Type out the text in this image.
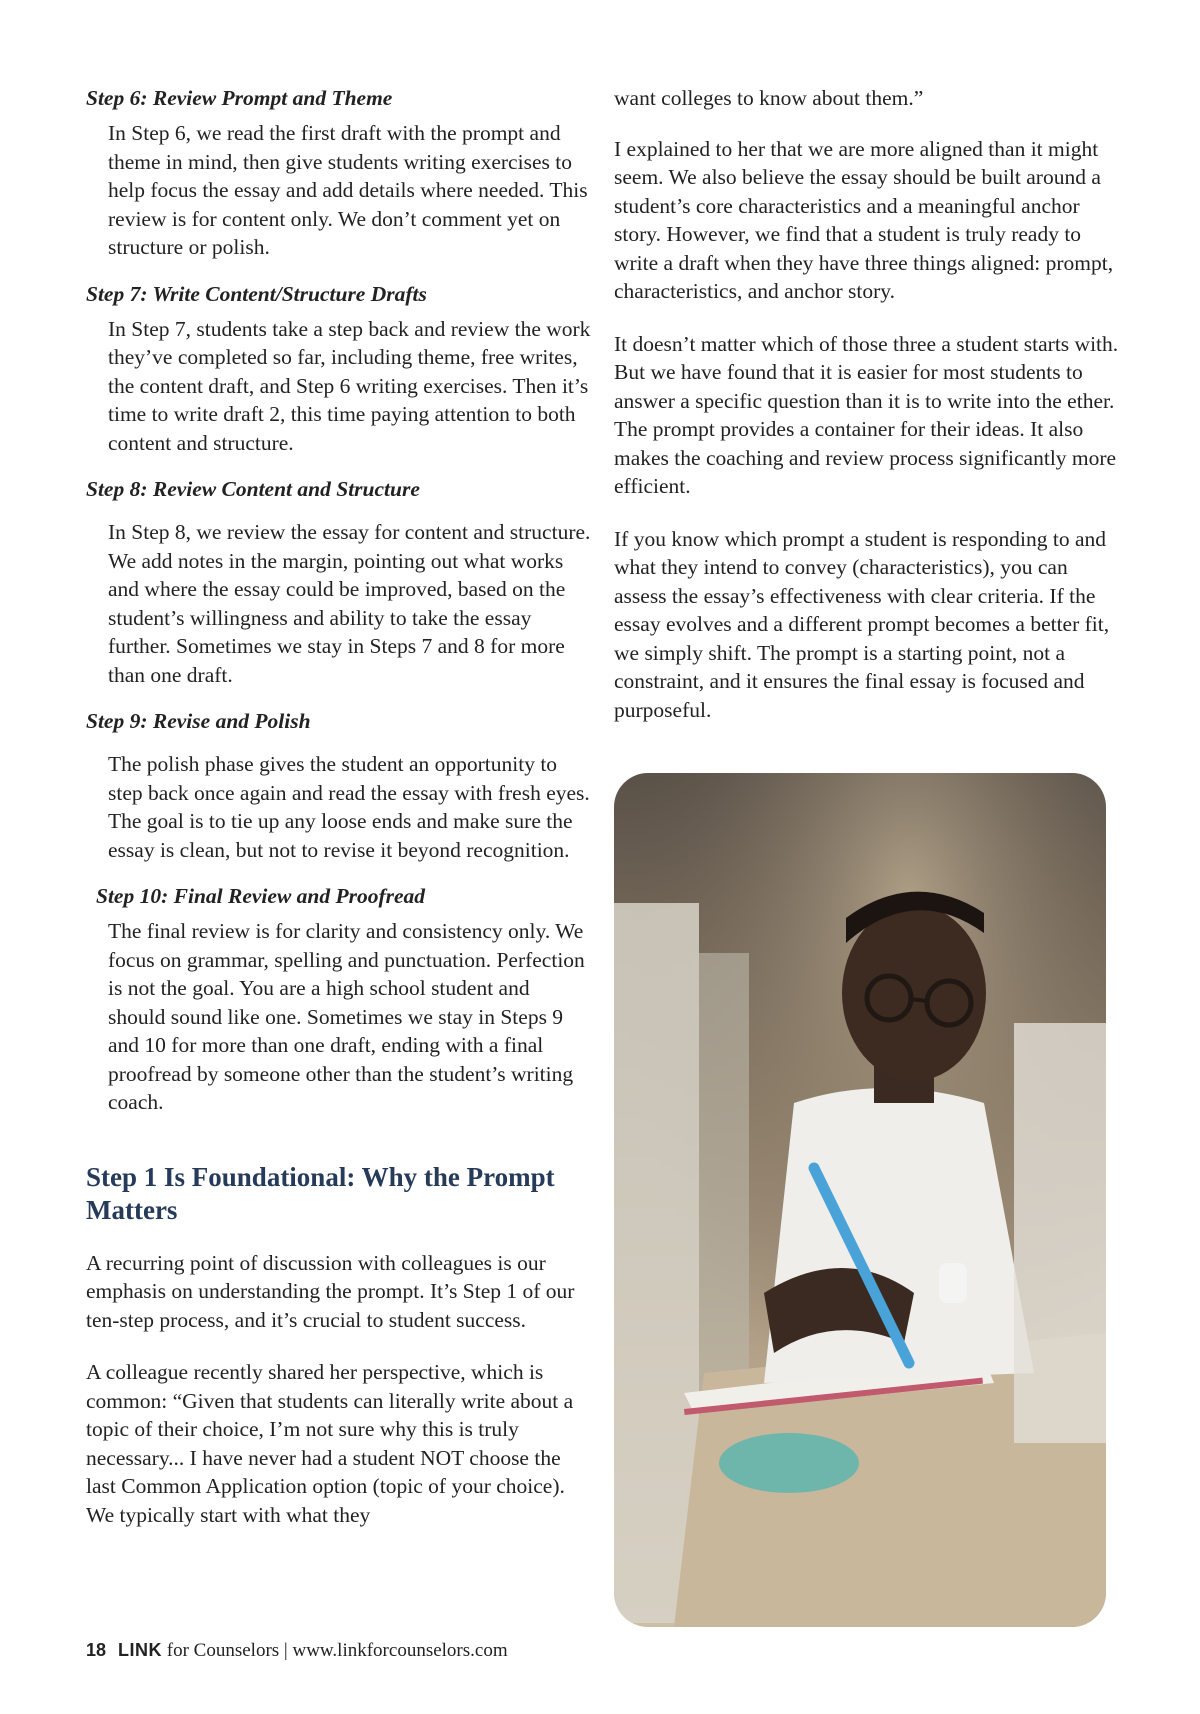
Step 6: Review Prompt and Theme
In Step 6, we read the first draft with the prompt and theme in mind, then give students writing exercises to help focus the essay and add details where needed. This review is for content only. We don’t comment yet on structure or polish.
Step 7: Write Content/Structure Drafts
In Step 7, students take a step back and review the work they’ve completed so far, including theme, free writes, the content draft, and Step 6 writing exercises. Then it’s time to write draft 2, this time paying attention to both content and structure.
Step 8: Review Content and Structure
In Step 8, we review the essay for content and structure. We add notes in the margin, pointing out what works and where the essay could be improved, based on the student’s willingness and ability to take the essay further. Sometimes we stay in Steps 7 and 8 for more than one draft.
Step 9: Revise and Polish
The polish phase gives the student an opportunity to step back once again and read the essay with fresh eyes. The goal is to tie up any loose ends and make sure the essay is clean, but not to revise it beyond recognition.
Step 10: Final Review and Proofread
The final review is for clarity and consistency only. We focus on grammar, spelling and punctuation. Perfection is not the goal. You are a high school student and should sound like one. Sometimes we stay in Steps 9 and 10 for more than one draft, ending with a final proofread by someone other than the student’s writing coach.
Step 1 Is Foundational: Why the Prompt Matters
A recurring point of discussion with colleagues is our emphasis on understanding the prompt. It’s Step 1 of our ten-step process, and it’s crucial to student success.
A colleague recently shared her perspective, which is common: “Given that students can literally write about a topic of their choice, I’m not sure why this is truly necessary... I have never had a student NOT choose the last Common Application option (topic of your choice). We typically start with what they
want colleges to know about them.”
I explained to her that we are more aligned than it might seem. We also believe the essay should be built around a student’s core characteristics and a meaningful anchor story. However, we find that a student is truly ready to write a draft when they have three things aligned: prompt, characteristics, and anchor story.
It doesn’t matter which of those three a student starts with. But we have found that it is easier for most students to answer a specific question than it is to write into the ether. The prompt provides a container for their ideas. It also makes the coaching and review process significantly more efficient.
If you know which prompt a student is responding to and what they intend to convey (characteristics), you can assess the essay’s effectiveness with clear criteria. If the essay evolves and a different prompt becomes a better fit, we simply shift. The prompt is a starting point, not a constraint, and it ensures the final essay is focused and purposeful.
18 LINK for Counselors | www.linkforcounselors.com
